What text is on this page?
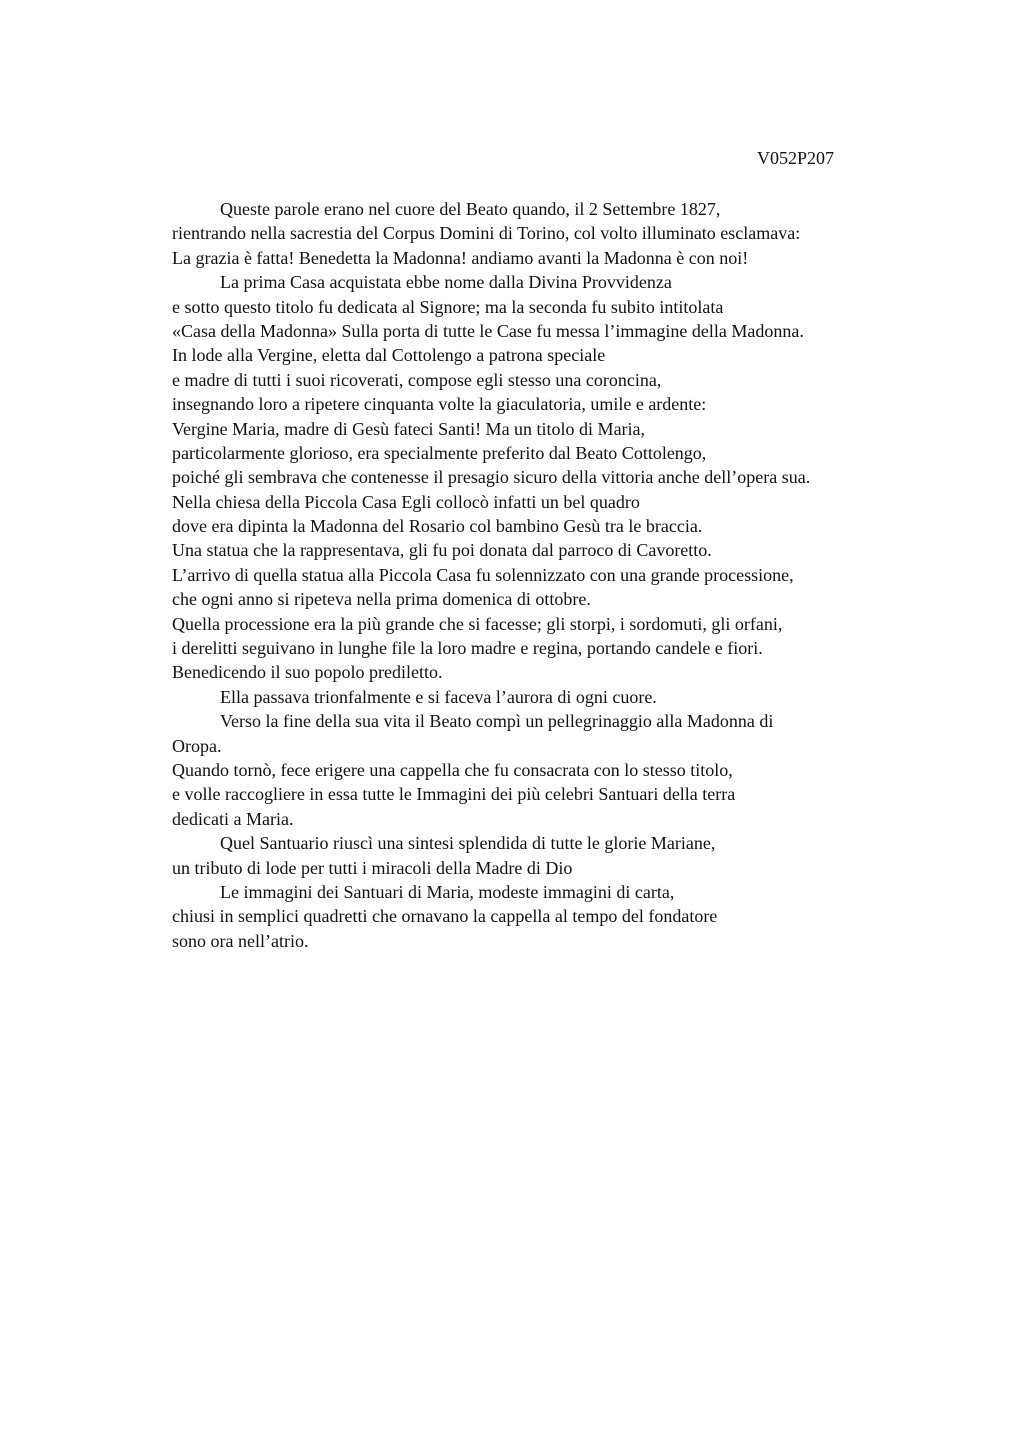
V052P207
Queste parole erano nel cuore del Beato quando, il 2 Settembre 1827,
rientrando nella sacrestia del Corpus Domini di Torino, col volto illuminato esclamava:
La grazia è fatta! Benedetta la Madonna! andiamo avanti la Madonna è con noi!
La prima Casa acquistata ebbe nome dalla Divina Provvidenza
e sotto questo titolo fu dedicata al Signore; ma la seconda fu subito intitolata
«Casa della Madonna» Sulla porta di tutte le Case fu messa l’immagine della Madonna.
In lode alla Vergine, eletta dal Cottolengo a patrona speciale
e madre di tutti i suoi ricoverati, compose egli stesso una coroncina,
insegnando loro a ripetere cinquanta volte la giaculatoria, umile e ardente:
Vergine Maria, madre di Gesù fateci Santi! Ma un titolo di Maria,
particolarmente glorioso, era specialmente preferito dal Beato Cottolengo,
poiché gli sembrava che contenesse il presagio sicuro della vittoria anche dell’opera sua.
Nella chiesa della Piccola Casa Egli collocò infatti un bel quadro
dove era dipinta la Madonna del Rosario col bambino Gesù tra le braccia.
Una statua che la rappresentava, gli fu poi donata dal parroco di Cavoretto.
L’arrivo di quella statua alla Piccola Casa fu solennizzato con una grande processione,
che ogni anno si ripeteva nella prima domenica di ottobre.
Quella processione era la più grande che si facesse; gli storpi, i sordomuti, gli orfani,
i derelitti seguivano in lunghe file la loro madre e regina, portando candele e fiori.
Benedicendo il suo popolo prediletto.
Ella passava trionfalmente e si faceva l’aurora di ogni cuore.
Verso la fine della sua vita il Beato compì un pellegrinaggio alla Madonna di
Oropa.
Quando tornò, fece erigere una cappella che fu consacrata con lo stesso titolo,
e volle raccogliere in essa tutte le Immagini dei più celebri Santuari della terra
dedicati a Maria.
Quel Santuario riuscì una sintesi splendida di tutte le glorie Mariane,
un tributo di lode per tutti i miracoli della Madre di Dio
Le immagini dei Santuari di Maria, modeste immagini di carta,
chiusi in semplici quadretti che ornavano la cappella al tempo del fondatore
sono ora nell’atrio.
